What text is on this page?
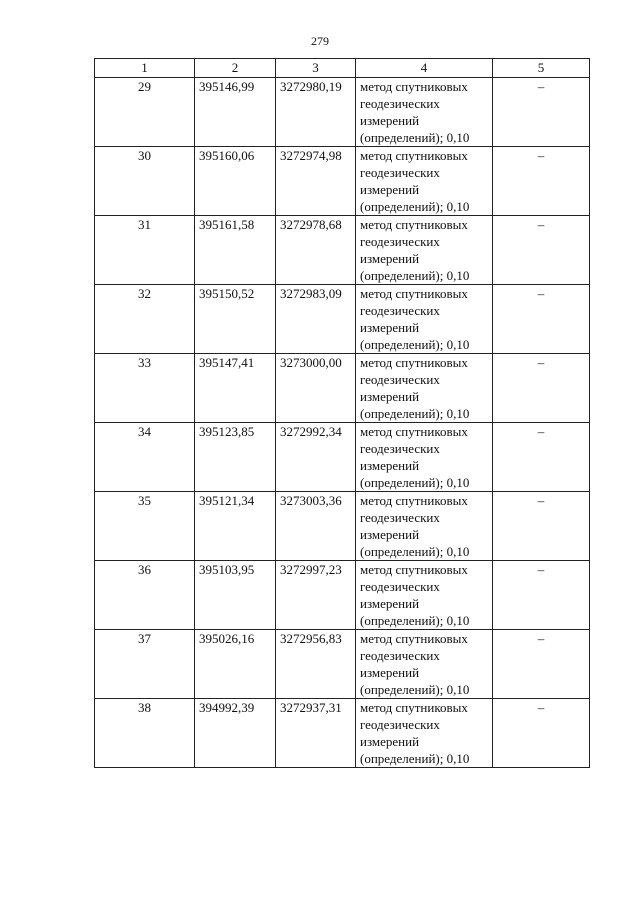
279
1	2	3	4	5
29	395146,99	3272980,19	метод спутниковых геодезических измерений (определений); 0,10	–
30	395160,06	3272974,98	метод спутниковых геодезических измерений (определений); 0,10	–
31	395161,58	3272978,68	метод спутниковых геодезических измерений (определений); 0,10	–
32	395150,52	3272983,09	метод спутниковых геодезических измерений (определений); 0,10	–
33	395147,41	3273000,00	метод спутниковых геодезических измерений (определений); 0,10	–
34	395123,85	3272992,34	метод спутниковых геодезических измерений (определений); 0,10	–
35	395121,34	3273003,36	метод спутниковых геодезических измерений (определений); 0,10	–
36	395103,95	3272997,23	метод спутниковых геодезических измерений (определений); 0,10	–
37	395026,16	3272956,83	метод спутниковых геодезических измерений (определений); 0,10	–
38	394992,39	3272937,31	метод спутниковых геодезических измерений (определений); 0,10	–
